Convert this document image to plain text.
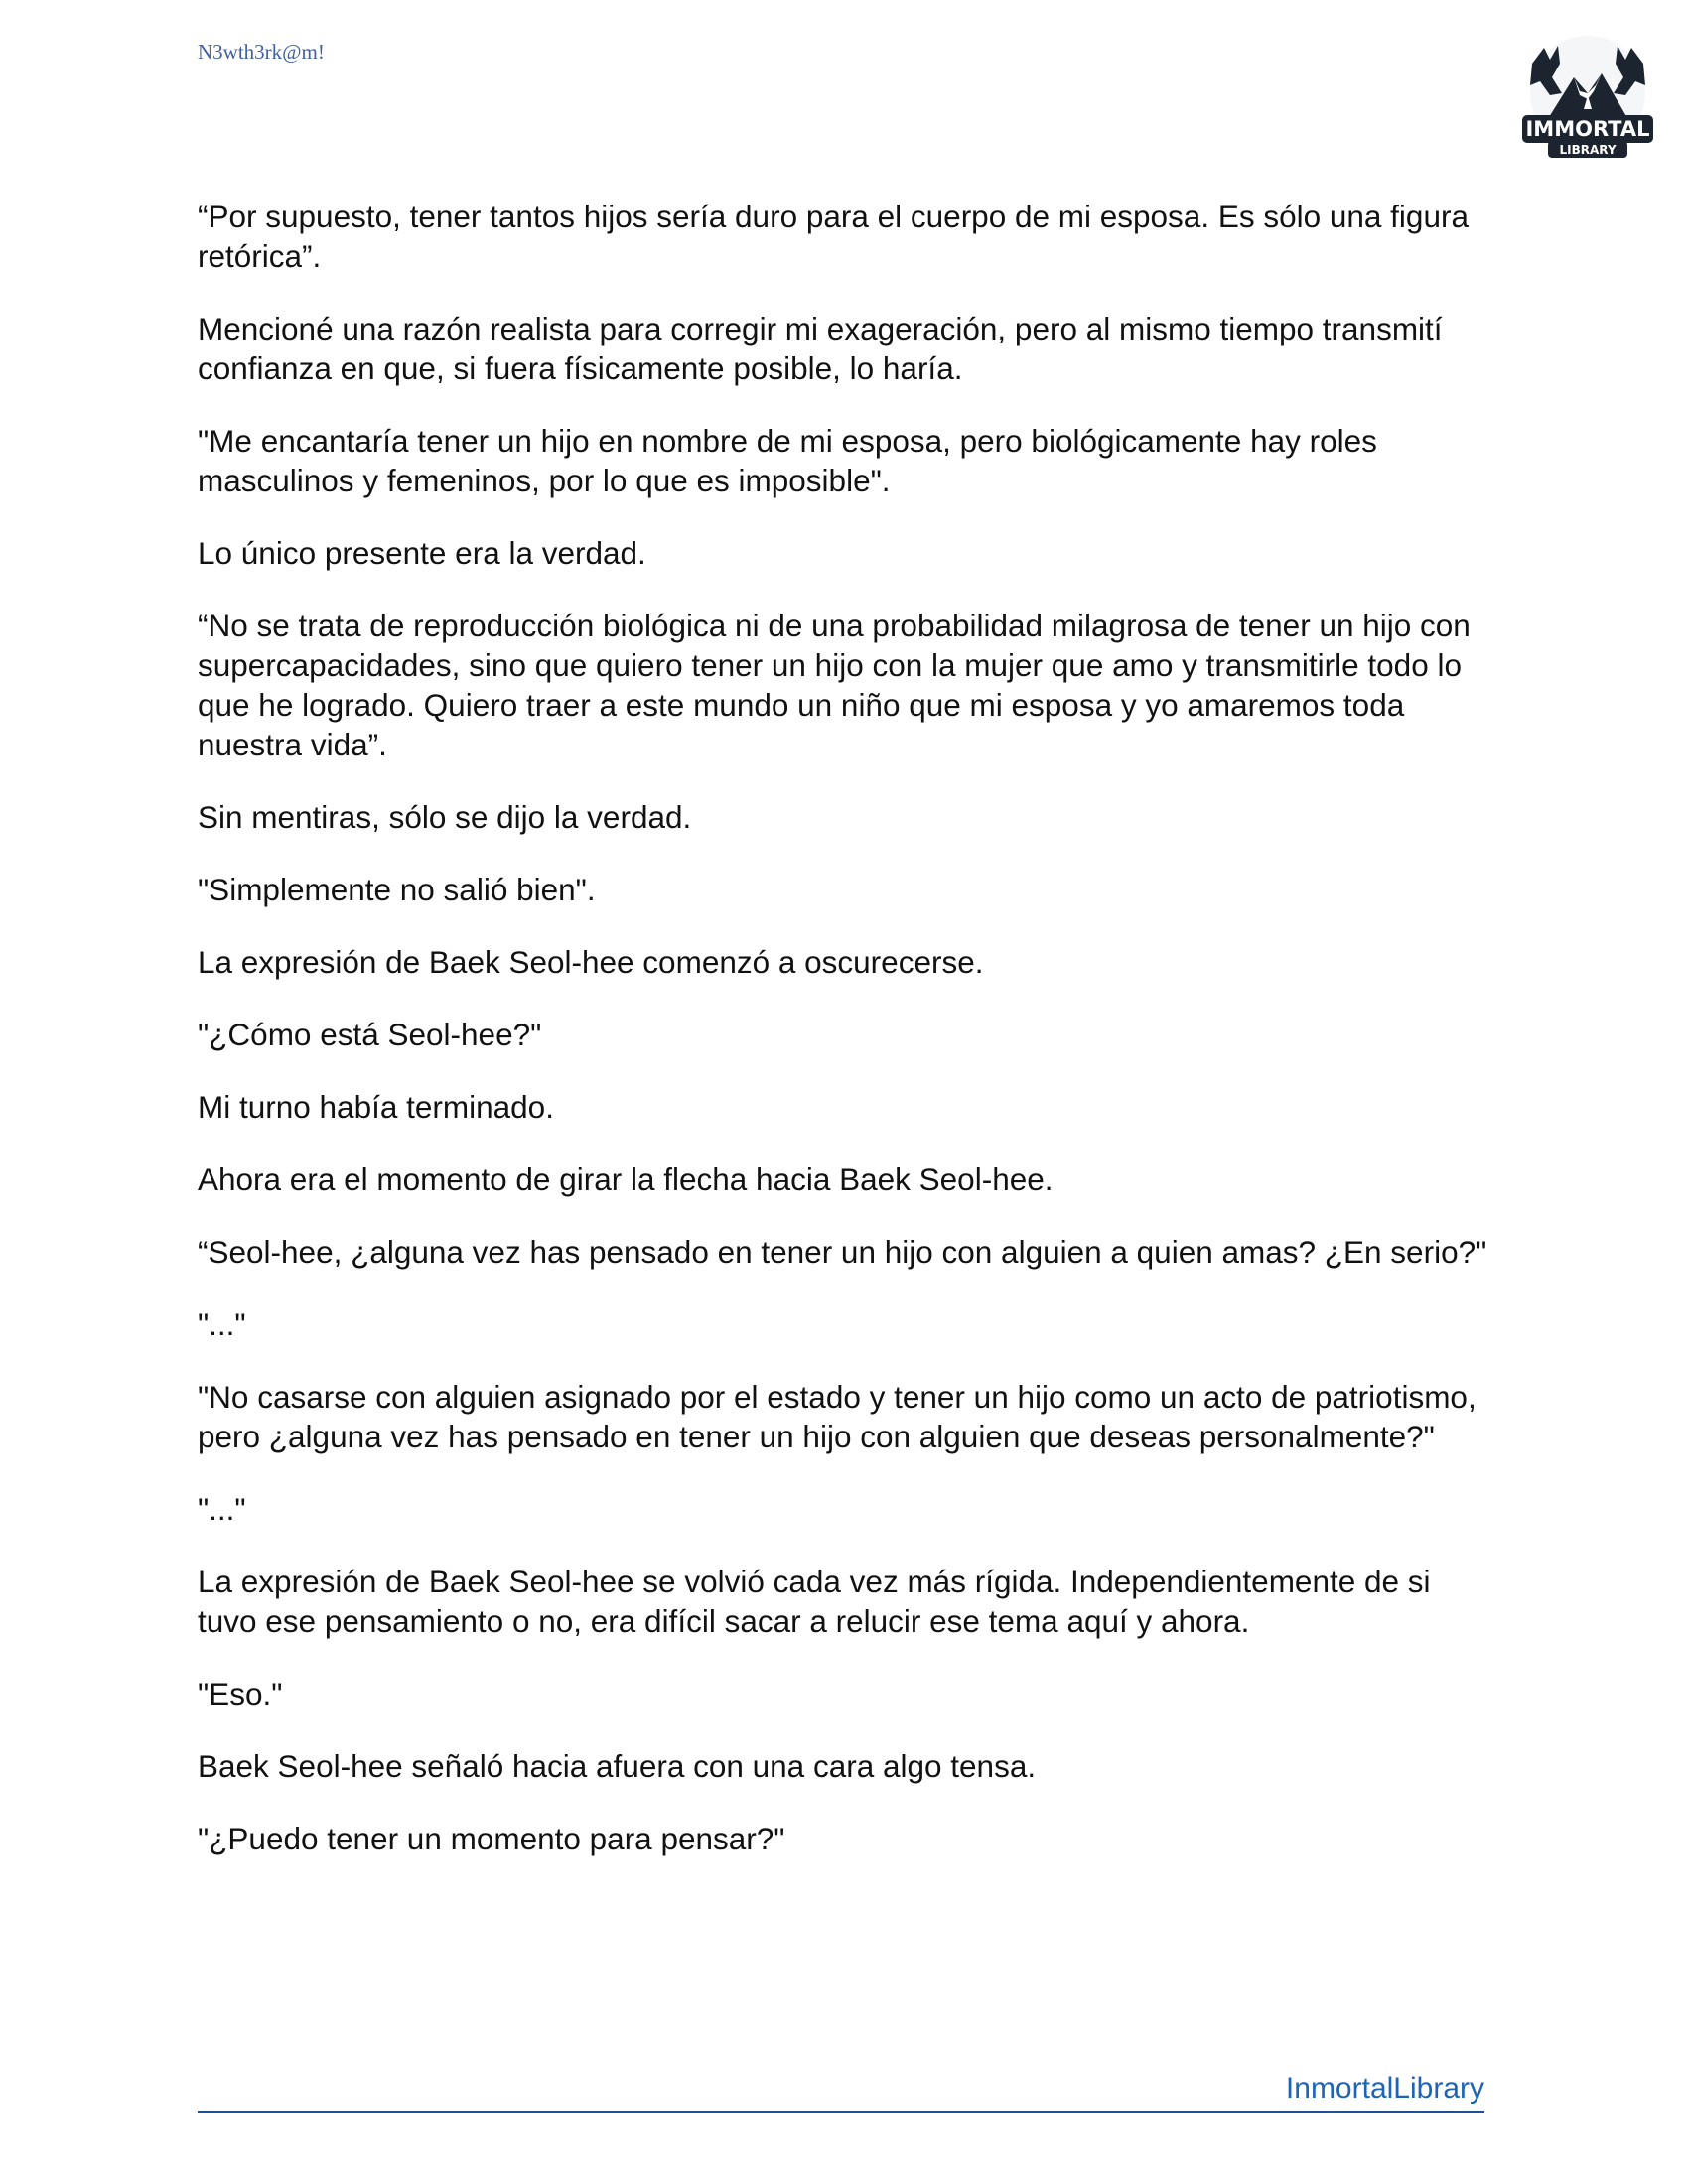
N3wth3rk@m!
IMMORTAL
LIBRARY

“Por supuesto, tener tantos hijos sería duro para el cuerpo de mi esposa. Es sólo una figura retórica”.

Mencioné una razón realista para corregir mi exageración, pero al mismo tiempo transmití confianza en que, si fuera físicamente posible, lo haría.

"Me encantaría tener un hijo en nombre de mi esposa, pero biológicamente hay roles masculinos y femeninos, por lo que es imposible".

Lo único presente era la verdad.

“No se trata de reproducción biológica ni de una probabilidad milagrosa de tener un hijo con supercapacidades, sino que quiero tener un hijo con la mujer que amo y transmitirle todo lo que he logrado. Quiero traer a este mundo un niño que mi esposa y yo amaremos toda nuestra vida”.

Sin mentiras, sólo se dijo la verdad.

"Simplemente no salió bien".

La expresión de Baek Seol-hee comenzó a oscurecerse.

"¿Cómo está Seol-hee?"

Mi turno había terminado.

Ahora era el momento de girar la flecha hacia Baek Seol-hee.

“Seol-hee, ¿alguna vez has pensado en tener un hijo con alguien a quien amas? ¿En serio?"

"..."

"No casarse con alguien asignado por el estado y tener un hijo como un acto de patriotismo, pero ¿alguna vez has pensado en tener un hijo con alguien que deseas personalmente?"

"..."

La expresión de Baek Seol-hee se volvió cada vez más rígida. Independientemente de si tuvo ese pensamiento o no, era difícil sacar a relucir ese tema aquí y ahora.

"Eso."

Baek Seol-hee señaló hacia afuera con una cara algo tensa.

"¿Puedo tener un momento para pensar?"

InmortalLibrary
